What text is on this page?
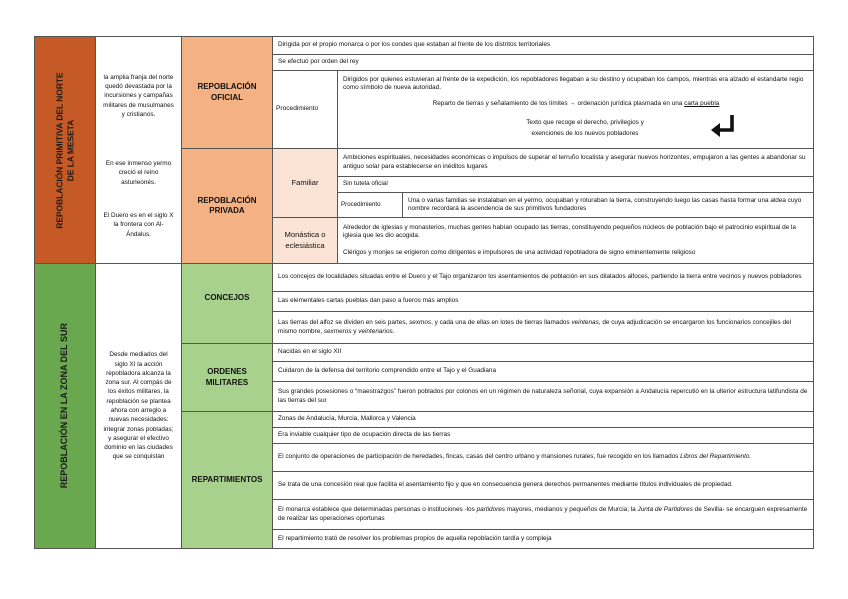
REPOBLACIÓN PRIMITIVA DEL NORTE
DE LA MESETA
la amplia franja del norte quedó devastada por la incursiones y campañas militares de musulmanes y cristianos.
En ese inmenso yermo creció el reino asturleonés.
El Duero es en el siglo X la frontera con Al-Ándalus.
REPOBLACIÓN OFICIAL
Dirigida por el propio monarca o por los condes que estaban al frente de los distritos territoriales
Se efectuó por orden del rey
Procedimiento
Dirigidos por quienes estuvieran al frente de la expedición, los repobladores llegaban a su destino y ocupaban los campos, mientras era alzado el estandarte regio como símbolo de nueva autoridad.
Reparto de tierras y señalamiento de los límites → ordenación jurídica plasmada en una carta puebla
Texto que recoge el derecho, privilegios y
exenciones de los nuevos pobladores
REPOBLACIÓN PRIVADA
Familiar
Ambiciones espirituales, necesidades económicas o impulsos de superar el terruño localista y asegurar nuevos horizontes, empujaron a las gentes a abandonar su antiguo solar para establecerse en inéditos lugares
Sin tutela oficial
Procedimiento
Una o varias familias se instalaban en el yermo, ocupaban y roturaban la tierra, construyendo luego las casas hasta formar una aldea cuyo nombre recordará la ascendencia de sus primitivos fundadores
Monástica o eclesiástica
Alrededor de iglesias y monasterios, muchas gentes habían ocupado las tierras, constituyendo pequeños núcleos de población bajo el patrocinio espiritual de la iglesia que les dio acogida.
Clérigos y monjes se erigieron como dirigentes e impulsores de una actividad repobladora de signo eminentemente religioso
REPOBLACIÓN EN LA ZONA DEL SUR	Desde mediados del siglo XI la acción repobladora alcanza la zona sur. Al compás de los éxitos militares, la repoblación se plantea ahora con arreglo a nuevas necesidades: integrar zonas pobladas; y asegurar el efectivo dominio en las ciudades que se conquistan
CONCEJOS
Los concejos de localidades situadas entre el Duero y el Tajo organizaron los asentamientos de población en sus dilatados alfoces, partiendo la tierra entre vecinos y nuevos pobladores
Las elementales cartas pueblas dan paso a fueros más amplios
Las tierras del alfoz se dividen en seis partes, sexmos, y cada una de ellas en lotes de tierras llamados veintenas, de cuya adjudicación se encargaron los funcionarios concejiles del mismo nombre, sexmeros y veintenarios.
ORDENES MILITARES
Nacidas en el siglo XII
Cuidaron de la defensa del territorio comprendido entre el Tajo y el Guadiana
Sus grandes posesiones o “maestrazgos” fueron poblados por colonos en un régimen de naturaleza señorial, cuya expansión a Andalucía repercutió en la ulterior estructura latifundista de las tierras del sur
REPARTIMIENTOS
Zonas de Andalucía, Murcia, Mallorca y Valencia
Era inviable cualquier tipo de ocupación directa de las tierras
El conjunto de operaciones de participación de heredades, fincas, casas del centro urbano y mansiones rurales, fue recogido en los llamados Libros del Repartimiento.
Se trata de una concesión real que facilita el asentamiento fijo y que en consecuencia genera derechos permanentes mediante títulos individuales de propiedad.
El monarca establece que determinadas personas o instituciones -los partidores mayores, medianos y pequeños de Murcia; la Junta de Partidores de Sevilla- se encarguen expresamente de realizar las operaciones oportunas
El repartimiento trató de resolver los problemas propios de aquella repoblación tardía y compleja
